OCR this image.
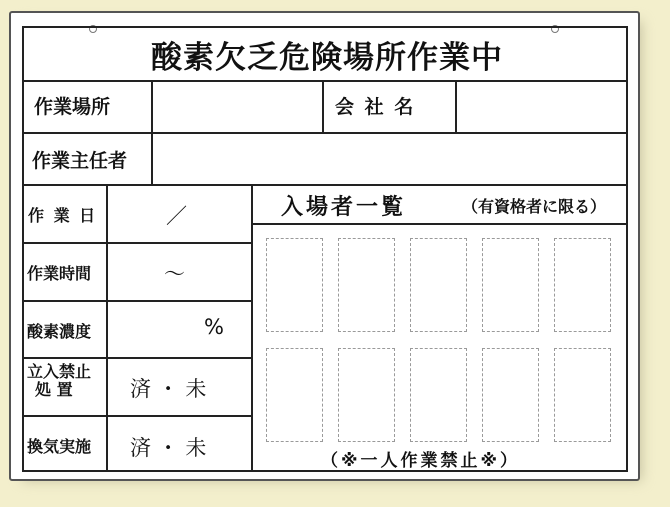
酸素欠乏危険場所作業中
作業場所	会 社 名
作業主任者
作 業 日
作業時間
酸素濃度
立入禁止
処 置
換気実施
／
～
%
済 ・ 未
済 ・ 未
入場者一覧	（有資格者に限る）
（※一人作業禁止※）
